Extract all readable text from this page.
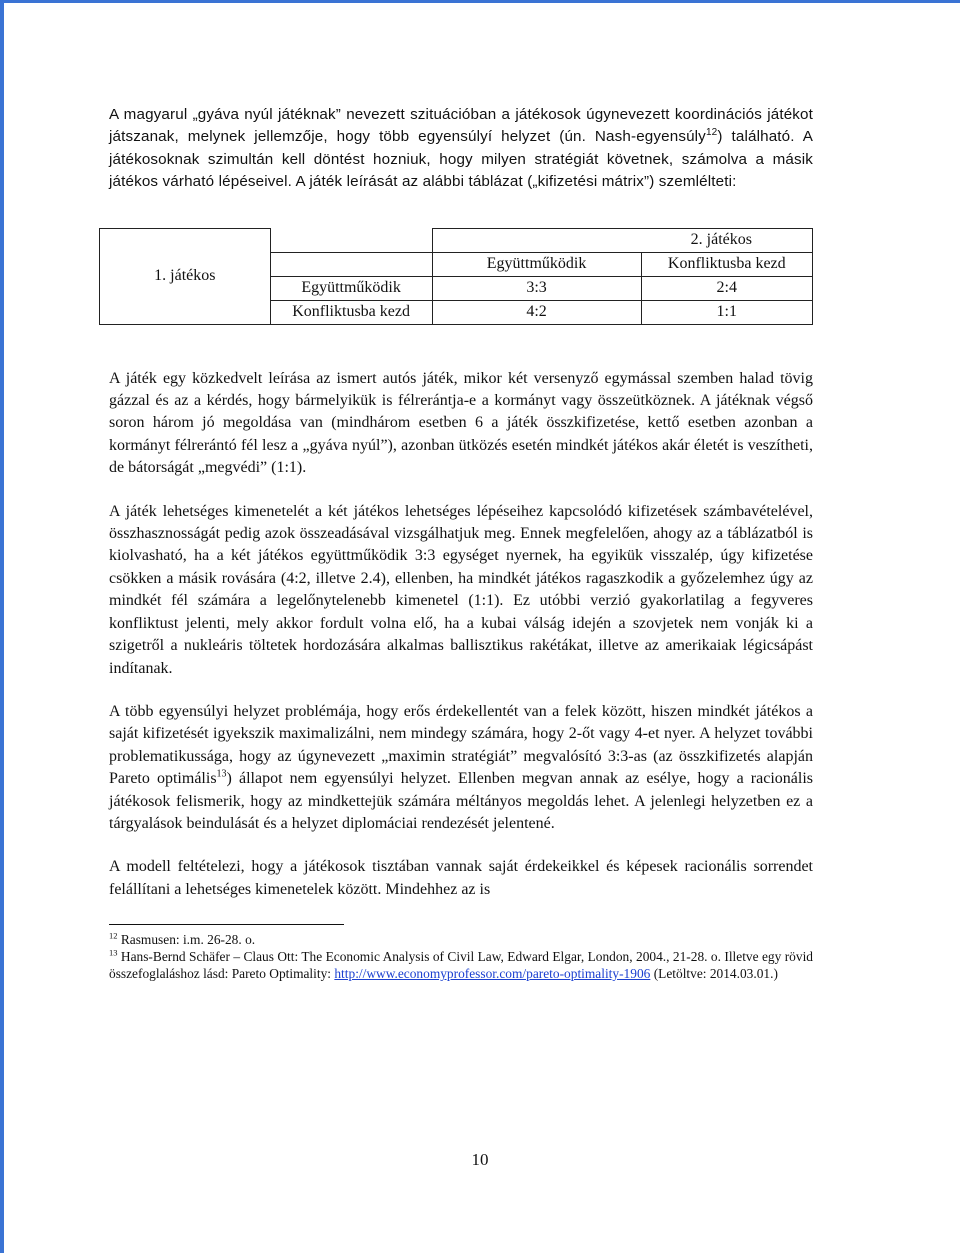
A magyarul „gyáva nyúl játéknak” nevezett szituációban a játékosok úgynevezett koordinációs játékot játszanak, melynek jellemzője, hogy több egyensúlyí helyzet (ún. Nash-egyensúly$^{12}$) található. A játékosoknak szimultán kell döntést hozniuk, hogy milyen stratégiát követnek, számolva a másik játékos várható lépéseivel. A játék leírását az alábbi táblázat („kifizetési mátrix”) szemlélteti:

1. játékos		2. játékos	
		Együttműködik	Konfliktusba kezd
	Együttműködik	3:3	2:4
	Konfliktusba kezd	4:2	1:1

A játék egy közkedvelt leírása az ismert autós játék, mikor két versenyző egymással szemben halad tövig gázzal és az a kérdés, hogy bármelyikük is félrerántja-e a kormányt vagy összeütköznek. A játéknak végső soron három jó megoldása van (mindhárom esetben 6 a játék összkifizetése, kettő esetben azonban a kormányt félrerántó fél lesz a „gyáva nyúl”), azonban ütközés esetén mindkét játékos akár életét is veszítheti, de bátorságát „megvédi” (1:1).

A játék lehetséges kimenetelét a két játékos lehetséges lépéseihez kapcsolódó kifizetések számbavételével, összhasznosságát pedig azok összeadásával vizsgálhatjuk meg. Ennek megfelelően, ahogy az a táblázatból is kiolvasható, ha a két játékos együttműködik 3:3 egységet nyernek, ha egyikük visszalép, úgy kifizetése csökken a másik rovására (4:2, illetve 2.4), ellenben, ha mindkét játékos ragaszkodik a győzelemhez úgy az mindkét fél számára a legelőnytelenebb kimenetel (1:1). Ez utóbbi verzió gyakorlatilag a fegyveres konfliktust jelenti, mely akkor fordult volna elő, ha a kubai válság idején a szovjetek nem vonják ki a szigetről a nukleáris töltetek hordozására alkalmas ballisztikus rakétákat, illetve az amerikaiak légicsápást indítanak.

A több egyensúlyi helyzet problémája, hogy erős érdekellentét van a felek között, hiszen mindkét játékos a saját kifizetését igyekszik maximalizálni, nem mindegy számára, hogy 2-őt vagy 4-et nyer. A helyzet további problematikussága, hogy az úgynevezett „maximin stratégiát” megvalósító 3:3-as (az összkifizetés alapján Pareto optimális$^{13}$) állapot nem egyensúlyi helyzet. Ellenben megvan annak az esélye, hogy a racionális játékosok felismerik, hogy az mindkettejük számára méltányos megoldás lehet. A jelenlegi helyzetben ez a tárgyalások beindulását és a helyzet diplomáciai rendezését jelentené.

A modell feltételezi, hogy a játékosok tisztában vannak saját érdekeikkel és képesek racionális sorrendet felállítani a lehetséges kimenetelek között. Mindehhez az is

$^{12}$ Rasmusen: i.m. 26-28. o.

$^{13}$ Hans-Bernd Schäfer – Claus Ott: The Economic Analysis of Civil Law, Edward Elgar, London, 2004., 21-28. o. Illetve egy rövid összefoglaláshoz lásd: Pareto Optimality: http://www.economyprofessor.com/pareto-optimality-1906 (Letöltve: 2014.03.01.)

10
